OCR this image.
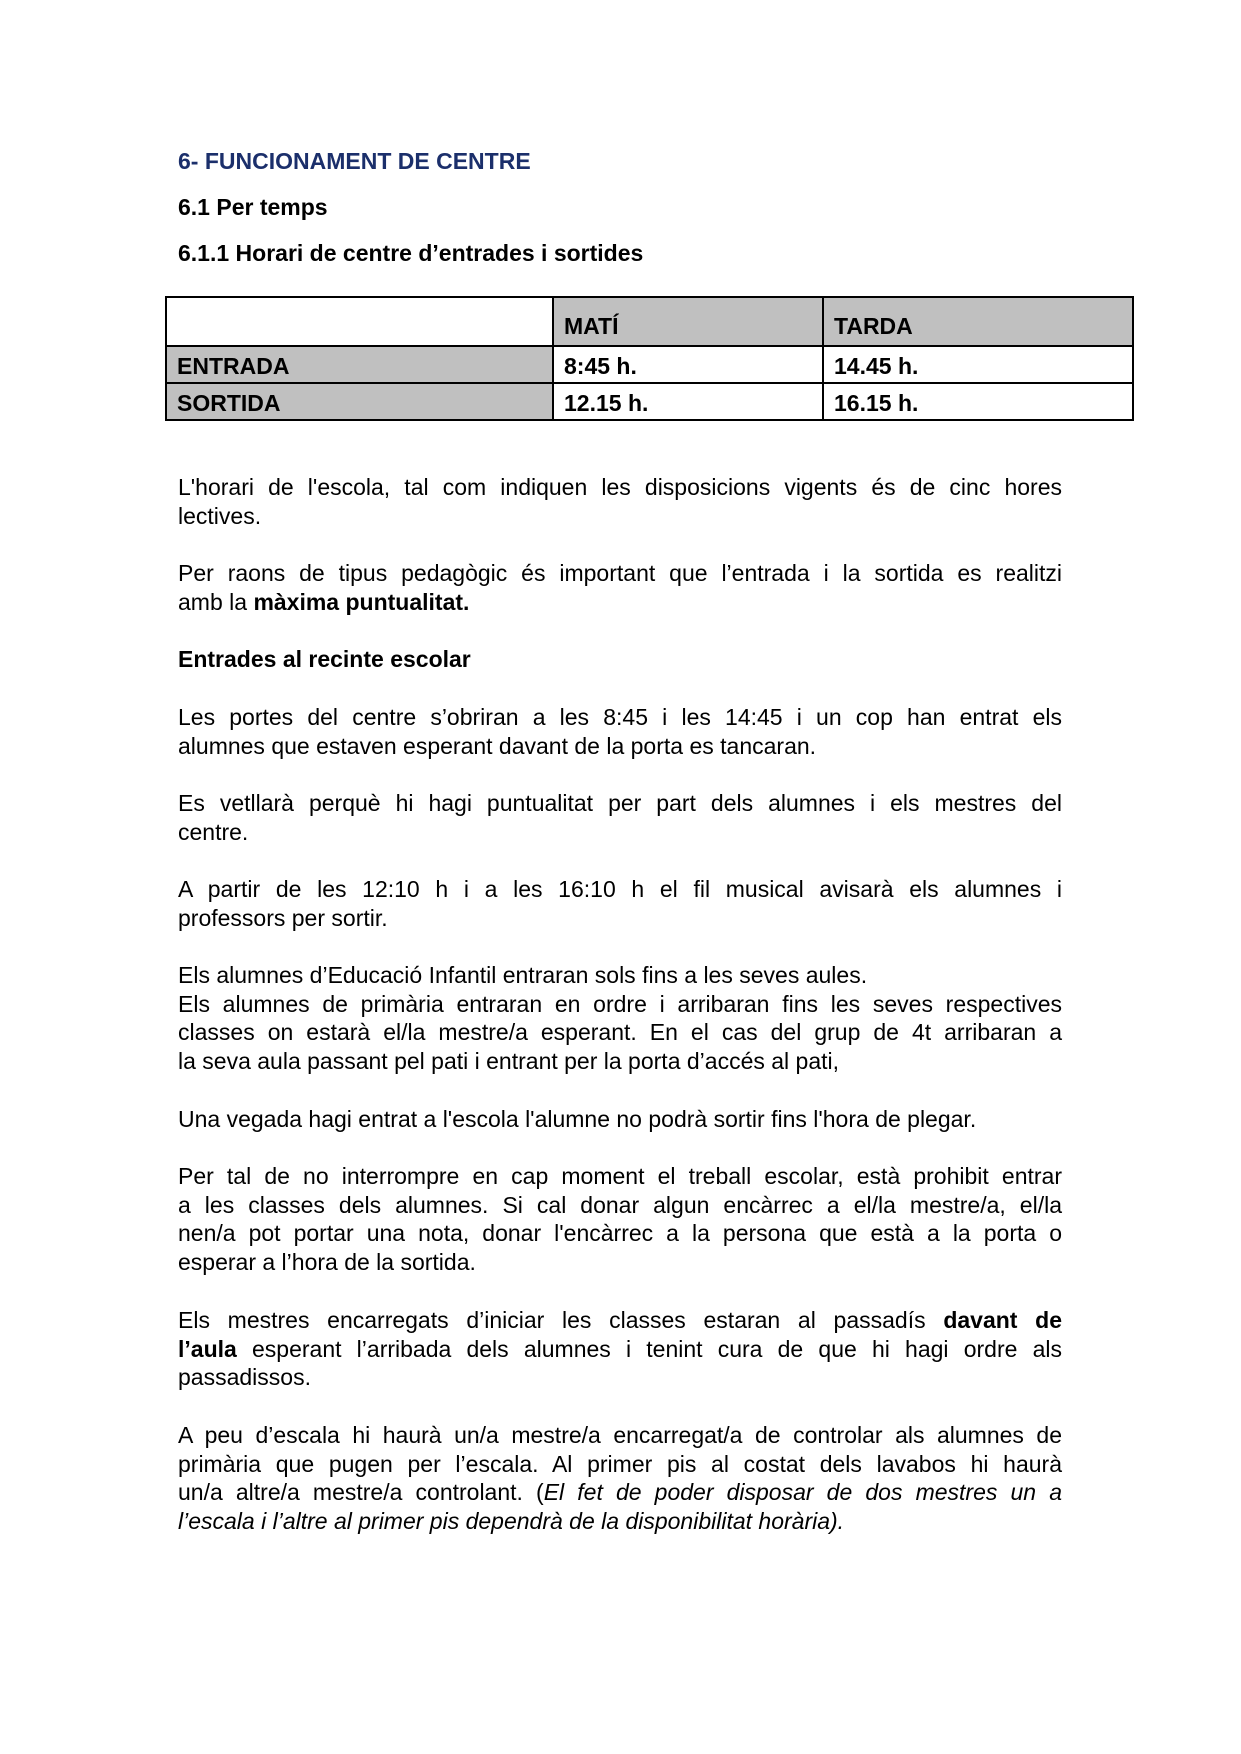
6- FUNCIONAMENT DE CENTRE
6.1 Per temps
6.1.1 Horari de centre d’entrades i sortides
	MATÍ	TARDA
ENTRADA	8:45 h.	14.45 h.
SORTIDA	12.15 h.	16.15 h.
L'horari de l'escola, tal com indiquen les disposicions vigents és de cinc hores
lectives.
Per raons de tipus pedagògic és important que l’entrada i la sortida es realitzi
amb la màxima puntualitat.
Entrades al recinte escolar
Les portes del centre s’obriran a les 8:45 i les 14:45 i un cop han entrat els
alumnes que estaven esperant davant de la porta es tancaran.
Es vetllarà perquè hi hagi puntualitat per part dels alumnes i els mestres del
centre.
A partir de les 12:10 h i a les 16:10 h el fil musical avisarà els alumnes i
professors per sortir.
Els alumnes d’Educació Infantil entraran sols fins a les seves aules.
Els alumnes de primària entraran en ordre i arribaran fins les seves respectives
classes on estarà el/la mestre/a esperant. En el cas del grup de 4t arribaran a
la seva aula passant pel pati i entrant per la porta d’accés al pati,
Una vegada hagi entrat a l'escola l'alumne no podrà sortir fins l'hora de plegar.
Per tal de no interrompre en cap moment el treball escolar, està prohibit entrar
a les classes dels alumnes. Si cal donar algun encàrrec a el/la mestre/a, el/la
nen/a pot portar una nota, donar l'encàrrec a la persona que està a la porta o
esperar a l’hora de la sortida.
Els mestres encarregats d’iniciar les classes estaran al passadís davant de
l’aula esperant l’arribada dels alumnes i tenint cura de que hi hagi ordre als
passadissos.
A peu d’escala hi haurà un/a mestre/a encarregat/a de controlar als alumnes de
primària que pugen per l’escala. Al primer pis al costat dels lavabos hi haurà
un/a altre/a mestre/a controlant. (El fet de poder disposar de dos mestres un a
l’escala i l’altre al primer pis dependrà de la disponibilitat horària).
